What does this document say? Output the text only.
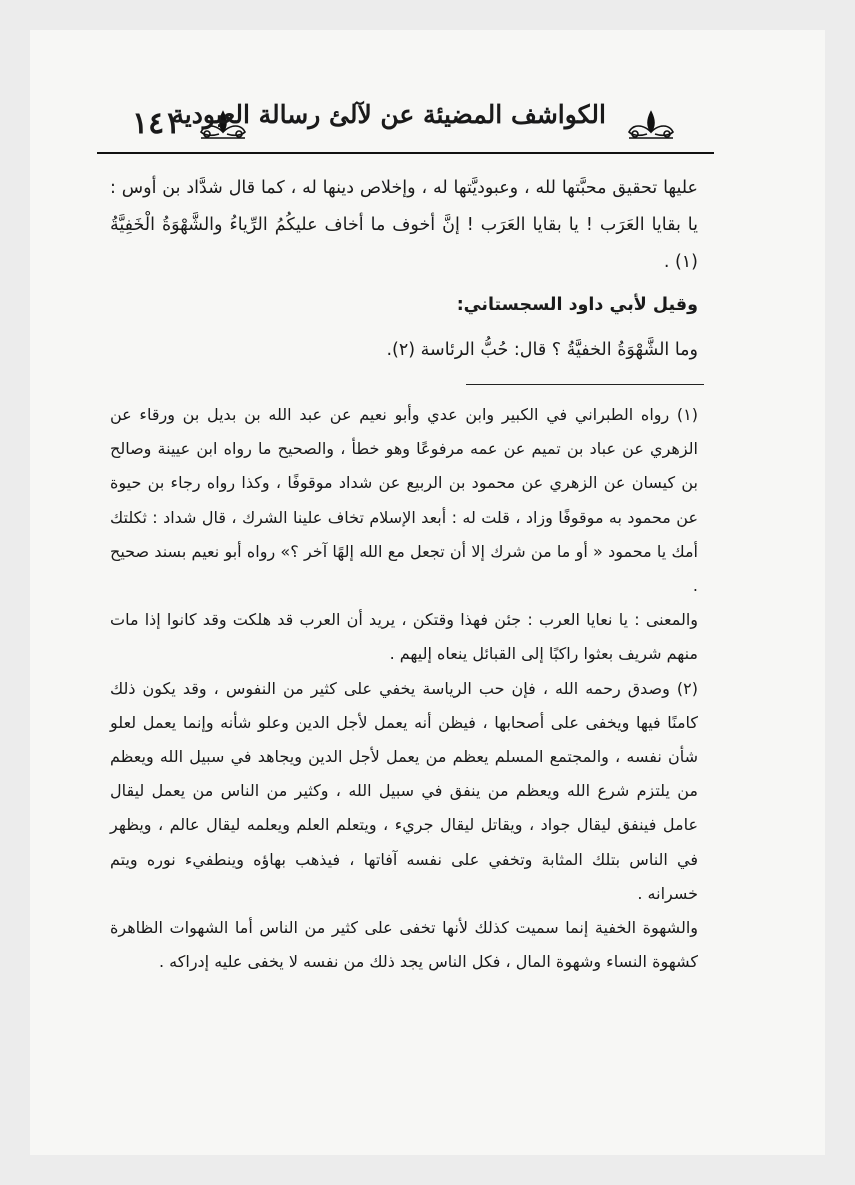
١٤١
الكواشف المضيئة عن لآلئ رسالة العبودية

عليها تحقيق محبَّتها لله ، وعبوديَّتها له ، وإخلاص دينها له ، كما قال شدَّاد بن أوس : يا بقايا العَرَب ! يا بقايا العَرَب ! إنَّ أخوف ما أخاف عليكُمُ الرِّياءُ والشَّهْوَةُ الْخَفِيَّةُ (١) .

وقيل لأبي داود السجستاني:

وما الشَّهْوَةُ الخفيَّةُ ؟ قال: حُبُّ الرئاسة (٢).

(١) رواه الطبراني في الكبير وابن عدي وأبو نعيم عن عبد الله بن بديل بن ورقاء عن الزهري عن عباد بن تميم عن عمه مرفوعًا وهو خطأ ، والصحيح ما رواه ابن عيينة وصالح بن كيسان عن الزهري عن محمود بن الربيع عن شداد موقوفًا ، وكذا رواه رجاء بن حيوة عن محمود به موقوفًا وزاد ، قلت له : أبعد الإسلام تخاف علينا الشرك ، قال شداد : ثكلتك أمك يا محمود « أو ما من شرك إلا أن تجعل مع الله إلهًا آخر ؟» رواه أبو نعيم بسند صحيح .

والمعنى : يا نعايا العرب : جئن فهذا وقتكن ، يريد أن العرب قد هلكت وقد كانوا إذا مات منهم شريف بعثوا راكبًا إلى القبائل ينعاه إليهم .

(٢) وصدق رحمه الله ، فإن حب الرياسة يخفي على كثير من النفوس ، وقد يكون ذلك كامنًا فيها ويخفى على أصحابها ، فيظن أنه يعمل لأجل الدين وعلو شأنه وإنما يعمل لعلو شأن نفسه ، والمجتمع المسلم يعظم من يعمل لأجل الدين ويجاهد في سبيل الله ويعظم من يلتزم شرع الله ويعظم من ينفق في سبيل الله ، وكثير من الناس من يعمل ليقال عامل فينفق ليقال جواد ، ويقاتل ليقال جريء ، ويتعلم العلم ويعلمه ليقال عالم ، ويظهر في الناس بتلك المثابة وتخفي على نفسه آفاتها ، فيذهب بهاؤه وينطفيء نوره ويتم خسرانه .

والشهوة الخفية إنما سميت كذلك لأنها تخفى على كثير من الناس أما الشهوات الظاهرة كشهوة النساء وشهوة المال ، فكل الناس يجد ذلك من نفسه لا يخفى عليه إدراكه .
